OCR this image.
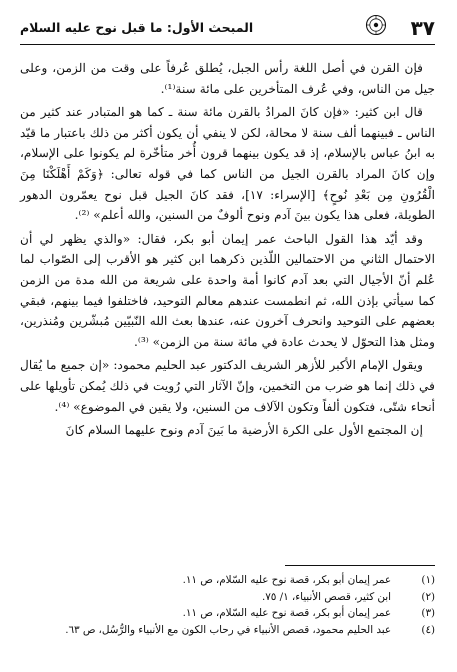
٣٧
المبحث الأول: ما قبل نوح عليه السلام

فإن القرن في أصل اللغة رأس الجبل، يُطلق عُرفاً على وقت من الزمن، وعلى جيل من الناس، وفي عُرف المتأخرين على مائة سنة⁽¹⁾.

قال ابن كثير: «فإن كانَ المرادُ بالقرن مائة سنة ـ كما هو المتبادر عند كثير من الناس ـ فبينهما ألف سنة لا محالة، لكن لا ينفي أن يكون أكثر من ذلك باعتبار ما قيّد به ابنُ عباس بالإسلام، إذ قد يكون بينهما قرون أُخر متأخّرة لم يكونوا على الإسلام، وإن كانَ المراد بالقرن الجيل من الناس كما في قوله تعالى: ﴿وَكَمْ أَهْلَكْنَا مِنَ الْقُرُونِ مِن بَعْدِ نُوحٍ﴾ [الإسراء: ١٧]، فقد كانَ الجيل قبل نوح يعمّرون الدهور الطويلة، فعلى هذا يكون بينَ آدم ونوح ألوفٌ من السنين، والله أعلم» ⁽²⁾.

وقد أيّد هذا القول الباحث عمر إيمان أبو بكر، فقال: «والذي يظهر لي أن الاحتمال الثاني من الاحتمالين اللّذين ذكرهما ابن كثير هو الأقرب إلى الصّواب لما عُلم أنّ الأجيال التي بعد آدم كانوا أمة واحدة على شريعة من الله مدة من الزمن كما سيأتي بإذن الله، ثم انطمست عندهم معالم التوحيد، فاختلفوا فيما بينهم، فبقي بعضهم على التوحيد وانحرف آخرون عنه، عندها بعث الله النّبيّين مُبشّرين ومُنذرين، ومثل هذا التحوّل لا يحدث عادة في مائة سنة من الزمن» ⁽³⁾.

ويقول الإمام الأكبر للأزهر الشريف الدكتور عبد الحليم محمود: «إن جميع ما يُقال في ذلك إنما هو ضرب من التخمين، وإنّ الآثار التي رُويت في ذلك يُمكن تأويلها على أنحاء شتّى، فتكون ألفاً وتكون الآلاف من السنين، ولا يقين في الموضوع» ⁽⁴⁾.

إن المجتمع الأول على الكرة الأرضية ما بَينَ آدم ونوح عليهما السلام كانَ

(١)
عمر إيمان أبو بكر، قصة نوح عليه السّلام، ص ١١.
(٢)
ابن كثير، قصص الأنبياء، ١/ ٧٥.
(٣)
عمر إيمان أبو بكر، قصة نوح عليه السّلام، ص ١١.
(٤)
عبد الحليم محمود، قصص الأنبياء في رحاب الكون مع الأنبياء والرُّسُل، ص ٦٣.
